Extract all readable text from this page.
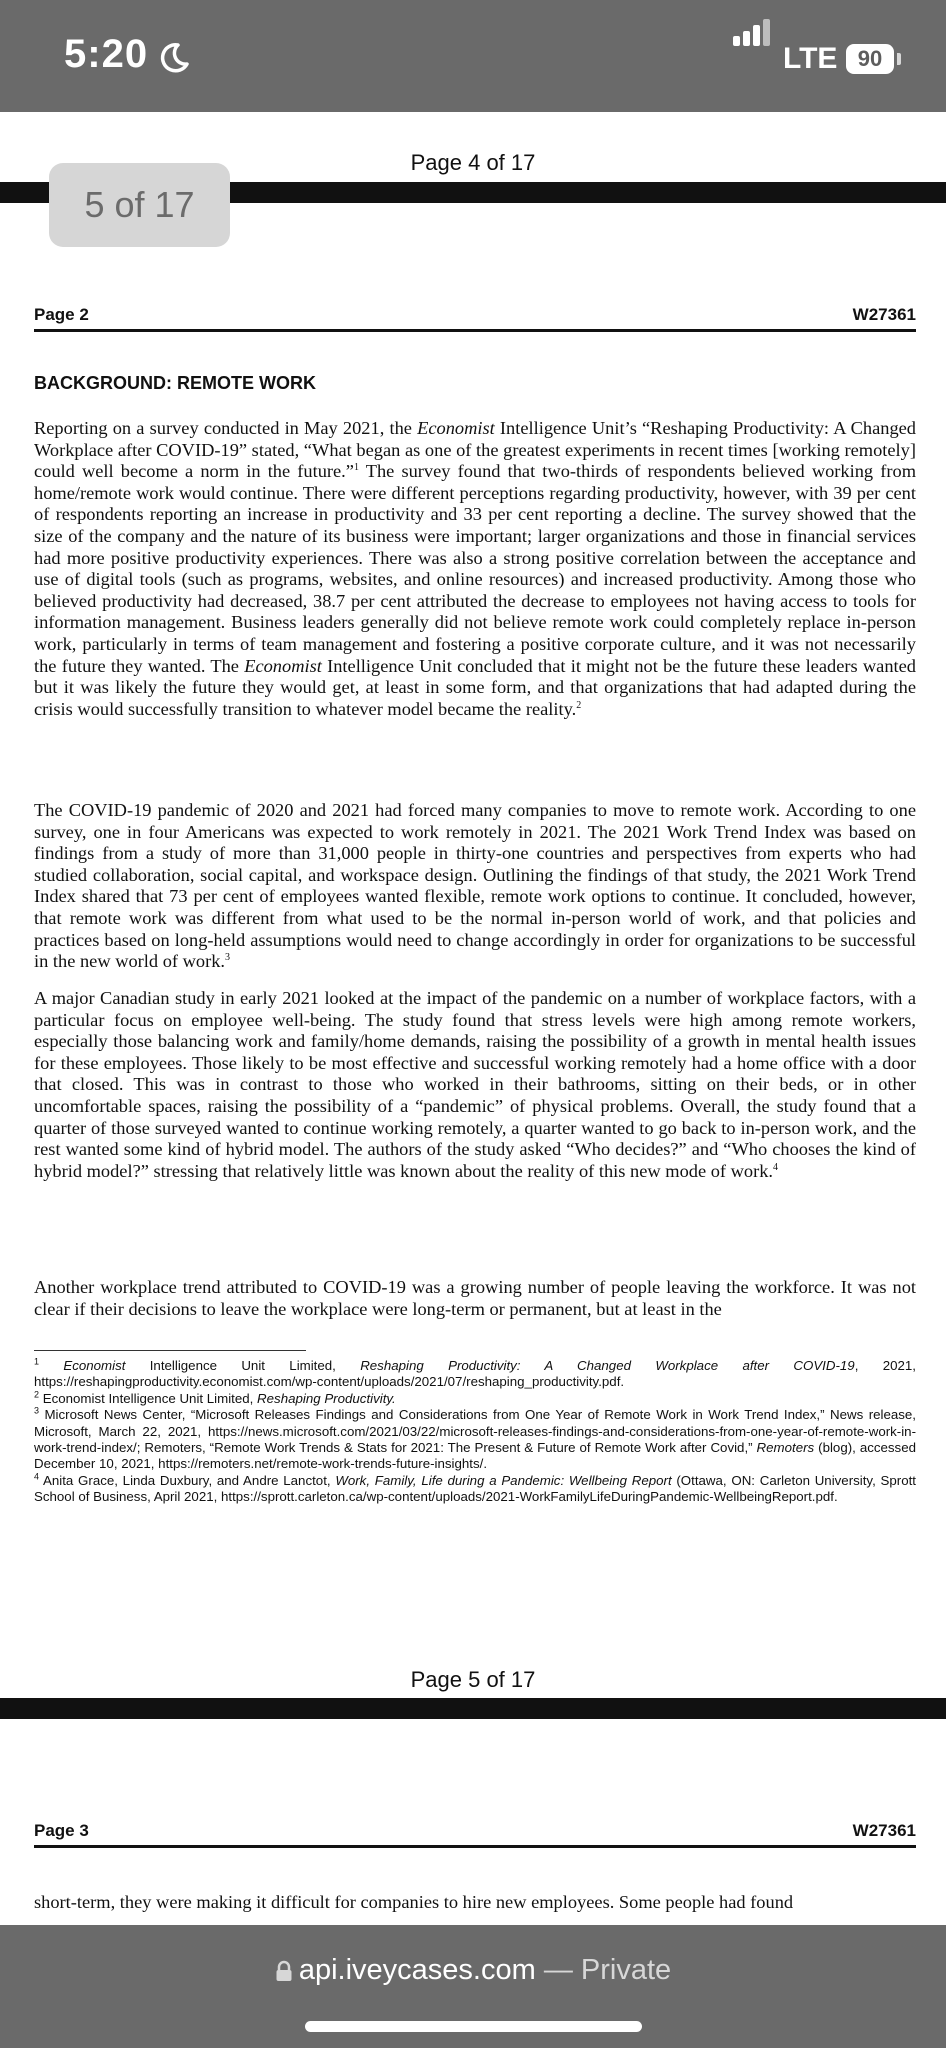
5:20	LTE 90
Page 4 of 17
5 of 17
Page 2	W27361
BACKGROUND: REMOTE WORK

Reporting on a survey conducted in May 2021, the Economist Intelligence Unit’s “Reshaping Productivity: A Changed Workplace after COVID-19” stated, “What began as one of the greatest experiments in recent times [working remotely] could well become a norm in the future.”$^1$ The survey found that two-thirds of respondents believed working from home/remote work would continue. There were different perceptions regarding productivity, however, with 39 per cent of respondents reporting an increase in productivity and 33 per cent reporting a decline. The survey showed that the size of the company and the nature of its business were important; larger organizations and those in financial services had more positive productivity experiences. There was also a strong positive correlation between the acceptance and use of digital tools (such as programs, websites, and online resources) and increased productivity. Among those who believed productivity had decreased, 38.7 per cent attributed the decrease to employees not having access to tools for information management. Business leaders generally did not believe remote work could completely replace in-person work, particularly in terms of team management and fostering a positive corporate culture, and it was not necessarily the future they wanted. The Economist Intelligence Unit concluded that it might not be the future these leaders wanted but it was likely the future they would get, at least in some form, and that organizations that had adapted during the crisis would successfully transition to whatever model became the reality.$^2$

The COVID-19 pandemic of 2020 and 2021 had forced many companies to move to remote work. According to one survey, one in four Americans was expected to work remotely in 2021. The 2021 Work Trend Index was based on findings from a study of more than 31,000 people in thirty-one countries and perspectives from experts who had studied collaboration, social capital, and workspace design. Outlining the findings of that study, the 2021 Work Trend Index shared that 73 per cent of employees wanted flexible, remote work options to continue. It concluded, however, that remote work was different from what used to be the normal in-person world of work, and that policies and practices based on long-held assumptions would need to change accordingly in order for organizations to be successful in the new world of work.$^3$

A major Canadian study in early 2021 looked at the impact of the pandemic on a number of workplace factors, with a particular focus on employee well-being. The study found that stress levels were high among remote workers, especially those balancing work and family/home demands, raising the possibility of a growth in mental health issues for these employees. Those likely to be most effective and successful working remotely had a home office with a door that closed. This was in contrast to those who worked in their bathrooms, sitting on their beds, or in other uncomfortable spaces, raising the possibility of a “pandemic” of physical problems. Overall, the study found that a quarter of those surveyed wanted to continue working remotely, a quarter wanted to go back to in-person work, and the rest wanted some kind of hybrid model. The authors of the study asked “Who decides?” and “Who chooses the kind of hybrid model?” stressing that relatively little was known about the reality of this new mode of work.$^4$

Another workplace trend attributed to COVID-19 was a growing number of people leaving the workforce. It was not clear if their decisions to leave the workplace were long-term or permanent, but at least in the

$^1$ Economist Intelligence Unit Limited, Reshaping Productivity: A Changed Workplace after COVID-19, 2021, https://reshapingproductivity.economist.com/wp-content/uploads/2021/07/reshaping_productivity.pdf.

$^2$ Economist Intelligence Unit Limited, Reshaping Productivity.

$^3$ Microsoft News Center, “Microsoft Releases Findings and Considerations from One Year of Remote Work in Work Trend Index,” News release, Microsoft, March 22, 2021, https://news.microsoft.com/2021/03/22/microsoft-releases-findings-and-considerations-from-one-year-of-remote-work-in-work-trend-index/; Remoters, “Remote Work Trends & Stats for 2021: The Present & Future of Remote Work after Covid,” Remoters (blog), accessed December 10, 2021, https://remoters.net/remote-work-trends-future-insights/.

$^4$ Anita Grace, Linda Duxbury, and Andre Lanctot, Work, Family, Life during a Pandemic: Wellbeing Report (Ottawa, ON: Carleton University, Sprott School of Business, April 2021, https://sprott.carleton.ca/wp-content/uploads/2021-WorkFamilyLifeDuringPandemic-WellbeingReport.pdf.

Page 5 of 17
Page 3	W27361

short-term, they were making it difficult for companies to hire new employees. Some people had found

api.iveycases.com — Private
